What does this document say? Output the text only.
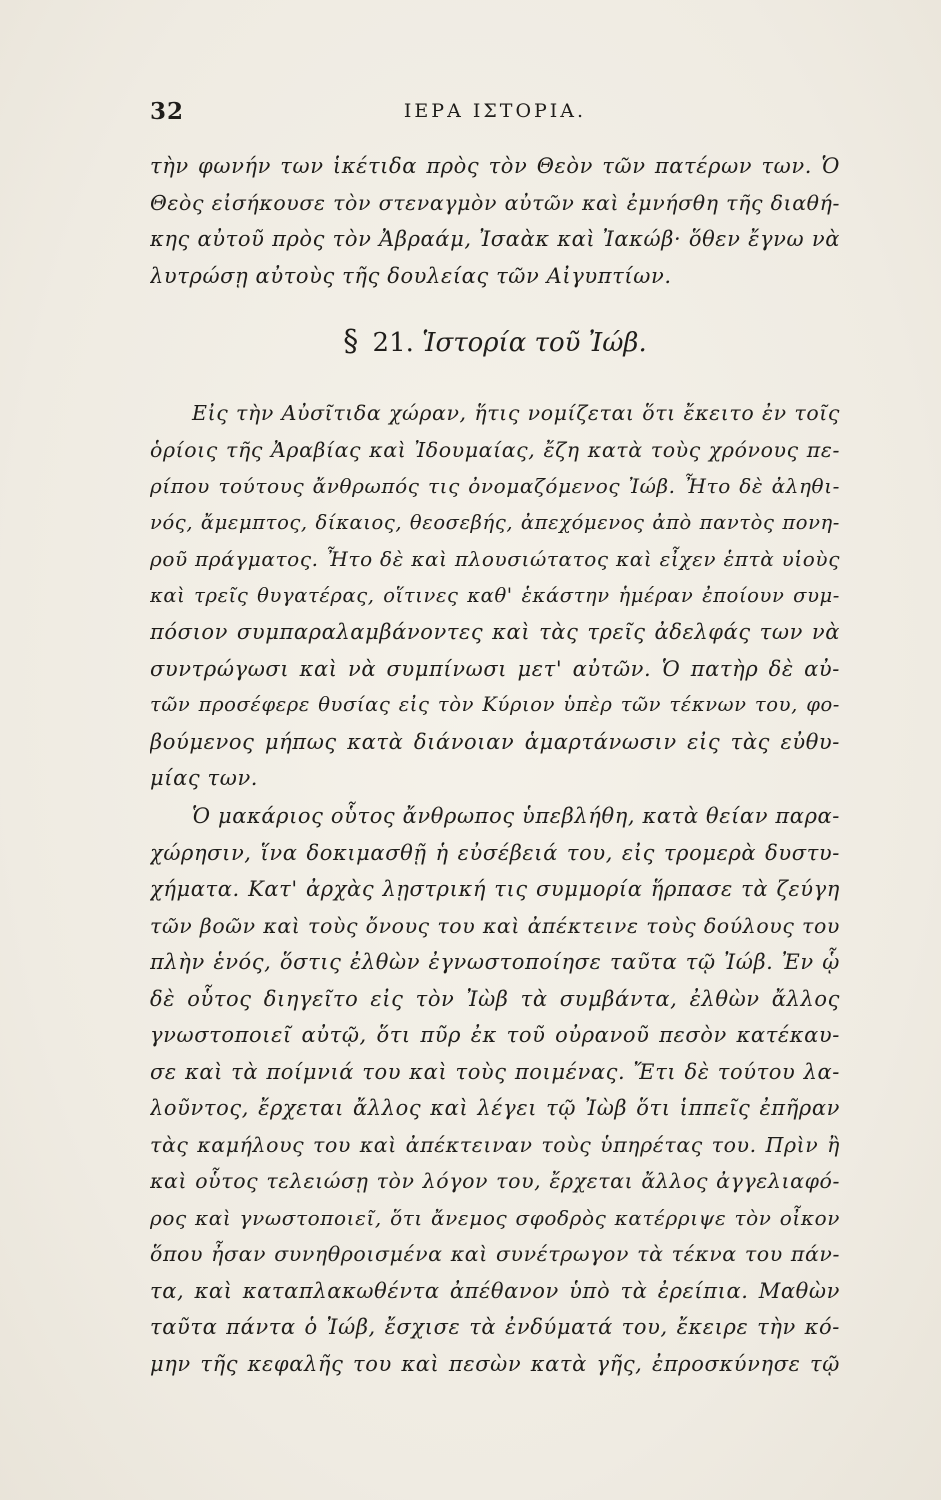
32	ΙΕΡΑ ΙΣΤΟΡΙΑ.
τὴν φωνήν των ἱκέτιδα πρὸς τὸν Θεὸν τῶν πατέρων των. Ὁ
Θεὸς εἰσήκουσε τὸν στεναγμὸν αὐτῶν καὶ ἐμνήσθη τῆς διαθή-
κης αὐτοῦ πρὸς τὸν Ἀβραάμ, Ἰσαὰκ καὶ Ἰακώβ· ὅθεν ἔγνω νὰ
λυτρώσῃ αὐτοὺς τῆς δουλείας τῶν Αἰγυπτίων.
§ 21. Ἱστορία τοῦ Ἰώβ.
Εἰς τὴν Αὐσῖτιδα χώραν, ἥτις νομίζεται ὅτι ἔκειτο ἐν τοῖς
ὁρίοις τῆς Ἀραβίας καὶ Ἰδουμαίας, ἔζη κατὰ τοὺς χρόνους πε-
ρίπου τούτους ἄνθρωπός τις ὀνομαζόμενος Ἰώβ. Ἦτο δὲ ἀληθι-
νός, ἄμεμπτος, δίκαιος, θεοσεβής, ἀπεχόμενος ἀπὸ παντὸς πονη-
ροῦ πράγματος. Ἦτο δὲ καὶ πλουσιώτατος καὶ εἶχεν ἑπτὰ υἱοὺς
καὶ τρεῖς θυγατέρας, οἵτινες καθ' ἑκάστην ἡμέραν ἐποίουν συμ-
πόσιον συμπαραλαμβάνοντες καὶ τὰς τρεῖς ἀδελφάς των νὰ
συντρώγωσι καὶ νὰ συμπίνωσι μετ' αὐτῶν. Ὁ πατὴρ δὲ αὐ-
τῶν προσέφερε θυσίας εἰς τὸν Κύριον ὑπὲρ τῶν τέκνων του, φο-
βούμενος μήπως κατὰ διάνοιαν ἁμαρτάνωσιν εἰς τὰς εὐθυ-
μίας των.
Ὁ μακάριος οὗτος ἄνθρωπος ὑπεβλήθη, κατὰ θείαν παρα-
χώρησιν, ἵνα δοκιμασθῇ ἡ εὐσέβειά του, εἰς τρομερὰ δυστυ-
χήματα. Κατ' ἀρχὰς λῃστρική τις συμμορία ἥρπασε τὰ ζεύγη
τῶν βοῶν καὶ τοὺς ὄνους του καὶ ἀπέκτεινε τοὺς δούλους του
πλὴν ἑνός, ὅστις ἐλθὼν ἐγνωστοποίησε ταῦτα τῷ Ἰώβ. Ἐν ᾧ
δὲ οὗτος διηγεῖτο εἰς τὸν Ἰὼβ τὰ συμβάντα, ἐλθὼν ἄλλος
γνωστοποιεῖ αὐτῷ, ὅτι πῦρ ἐκ τοῦ οὐρανοῦ πεσὸν κατέκαυ-
σε καὶ τὰ ποίμνιά του καὶ τοὺς ποιμένας. Ἔτι δὲ τούτου λα-
λοῦντος, ἔρχεται ἄλλος καὶ λέγει τῷ Ἰὼβ ὅτι ἱππεῖς ἐπῆραν
τὰς καμήλους του καὶ ἀπέκτειναν τοὺς ὑπηρέτας του. Πρὶν ἢ
καὶ οὗτος τελειώσῃ τὸν λόγον του, ἔρχεται ἄλλος ἀγγελιαφό-
ρος καὶ γνωστοποιεῖ, ὅτι ἄνεμος σφοδρὸς κατέρριψε τὸν οἶκον
ὅπου ἦσαν συνηθροισμένα καὶ συνέτρωγον τὰ τέκνα του πάν-
τα, καὶ καταπλακωθέντα ἀπέθανον ὑπὸ τὰ ἐρείπια. Μαθὼν
ταῦτα πάντα ὁ Ἰώβ, ἔσχισε τὰ ἐνδύματά του, ἔκειρε τὴν κό-
μην τῆς κεφαλῆς του καὶ πεσὼν κατὰ γῆς, ἐπροσκύνησε τῷ
